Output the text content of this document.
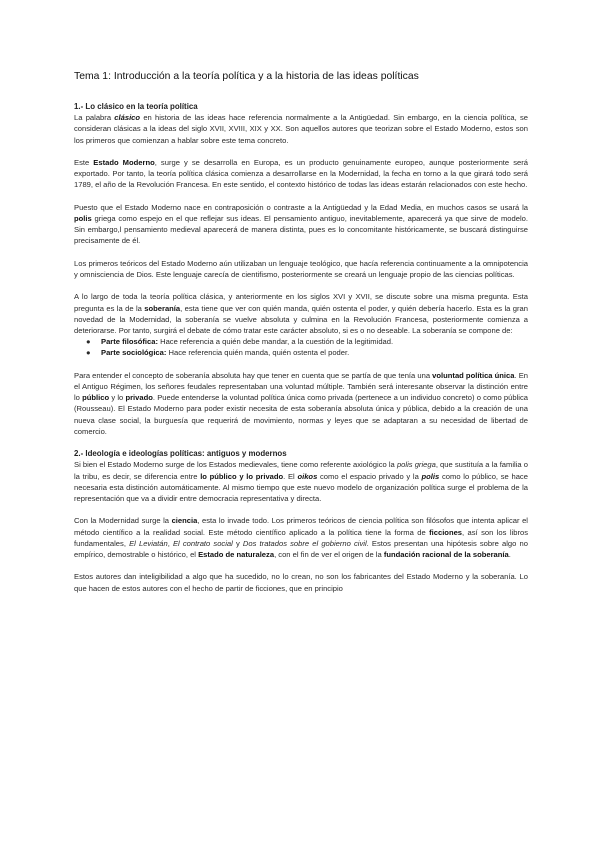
Tema 1: Introducción a la teoría política y a la historia de las ideas políticas
1.- Lo clásico en la teoría política

La palabra clásico en historia de las ideas hace referencia normalmente a la Antigüedad. Sin embargo, en la ciencia política, se consideran clásicas a la ideas del siglo XVII, XVIII, XIX y XX. Son aquellos autores que teorizan sobre el Estado Moderno, estos son los primeros que comienzan a hablar sobre este tema concreto.

Este Estado Moderno, surge y se desarrolla en Europa, es un producto genuinamente europeo, aunque posteriormente será exportado. Por tanto, la teoría política clásica comienza a desarrollarse en la Modernidad, la fecha en torno a la que girará todo será 1789, el año de la Revolución Francesa. En este sentido, el contexto histórico de todas las ideas estarán relacionados con este hecho.

Puesto que el Estado Moderno nace en contraposición o contraste a la Antigüedad y la Edad Media, en muchos casos se usará la polis griega como espejo en el que reflejar sus ideas. El pensamiento antiguo, inevitablemente, aparecerá ya que sirve de modelo. Sin embargo,l pensamiento medieval aparecerá de manera distinta, pues es lo concomitante históricamente, se buscará distinguirse precisamente de él.

Los primeros teóricos del Estado Moderno aún utilizaban un lenguaje teológico, que hacía referencia continuamente a la omnipotencia y omnisciencia de Dios. Este lenguaje carecía de cientifismo, posteriormente se creará un lenguaje propio de las ciencias políticas.

A lo largo de toda la teoría política clásica, y anteriormente en los siglos XVI y XVII, se discute sobre una misma pregunta. Esta pregunta es la de la soberanía, esta tiene que ver con quién manda, quién ostenta el poder, y quién debería hacerlo. Esta es la gran novedad de la Modernidad, la soberanía se vuelve absoluta y culmina en la Revolución Francesa, posteriormente comienza a deteriorarse. Por tanto, surgirá el debate de cómo tratar este carácter absoluto, si es o no deseable. La soberanía se compone de:

● Parte filosófica: Hace referencia a quién debe mandar, a la cuestión de la legitimidad.
● Parte sociológica: Hace referencia quién manda, quién ostenta el poder.

Para entender el concepto de soberanía absoluta hay que tener en cuenta que se partía de que tenía una voluntad política única. En el Antiguo Régimen, los señores feudales representaban una voluntad múltiple. También será interesante observar la distinción entre lo público y lo privado. Puede entenderse la voluntad política única como privada (pertenece a un individuo concreto) o como pública (Rousseau). El Estado Moderno para poder existir necesita de esta soberanía absoluta única y pública, debido a la creación de una nueva clase social, la burguesía que requerirá de movimiento, normas y leyes que se adaptaran a su necesidad de libertad de comercio.

2.- Ideología e ideologías políticas: antiguos y modernos

Si bien el Estado Moderno surge de los Estados medievales, tiene como referente axiológico la polis griega, que sustituía a la familia o la tribu, es decir, se diferencia entre lo público y lo privado. El oikos como el espacio privado y la polis como lo público, se hace necesaria esta distinción automáticamente. Al mismo tiempo que este nuevo modelo de organización política surge el problema de la representación que va a dividir entre democracia representativa y directa.

Con la Modernidad surge la ciencia, esta lo invade todo. Los primeros teóricos de ciencia política son filósofos que intenta aplicar el método científico a la realidad social. Este método científico aplicado a la política tiene la forma de ficciones, así son los libros fundamentales, El Leviatán, El contrato social y Dos tratados sobre el gobierno civil. Estos presentan una hipótesis sobre algo no empírico, demostrable o histórico, el Estado de naturaleza, con el fin de ver el origen de la fundación racional de la soberanía.

Estos autores dan inteligibilidad a algo que ha sucedido, no lo crean, no son los fabricantes del Estado Moderno y la soberanía. Lo que hacen de estos autores con el hecho de partir de ficciones, que en principio
